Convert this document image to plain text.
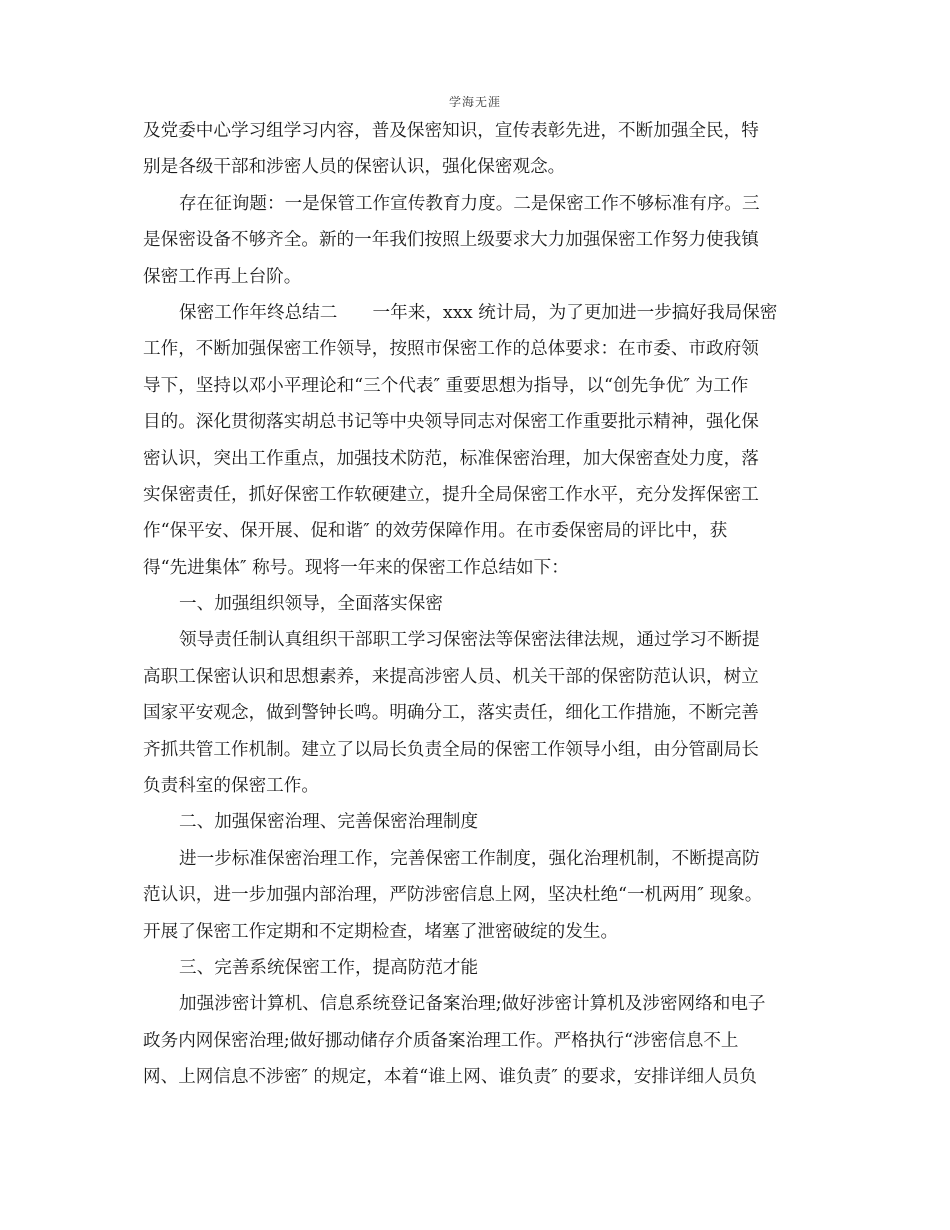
学海无涯
及党委中心学习组学习内容，普及保密知识，宣传表彰先进，不断加强全民，特
别是各级干部和涉密人员的保密认识，强化保密观念。
存在征询题：一是保管工作宣传教育力度。二是保密工作不够标准有序。三
是保密设备不够齐全。新的一年我们按照上级要求大力加强保密工作努力使我镇
保密工作再上台阶。
保密工作年终总结二　　一年来，xxx 统计局，为了更加进一步搞好我局保密
工作，不断加强保密工作领导，按照市保密工作的总体要求：在市委、市政府领
导下，坚持以邓小平理论和“三个代表″ 重要思想为指导，以“创先争优″ 为工作
目的。深化贯彻落实胡总书记等中央领导同志对保密工作重要批示精神，强化保
密认识，突出工作重点，加强技术防范，标准保密治理，加大保密查处力度，落
实保密责任，抓好保密工作软硬建立，提升全局保密工作水平，充分发挥保密工
作“保平安、保开展、促和谐″ 的效劳保障作用。在市委保密局的评比中，获
得“先进集体″ 称号。现将一年来的保密工作总结如下：
一、加强组织领导，全面落实保密
领导责任制认真组织干部职工学习保密法等保密法律法规，通过学习不断提
高职工保密认识和思想素养，来提高涉密人员、机关干部的保密防范认识，树立
国家平安观念，做到警钟长鸣。明确分工，落实责任，细化工作措施，不断完善
齐抓共管工作机制。建立了以局长负责全局的保密工作领导小组，由分管副局长
负责科室的保密工作。
二、加强保密治理、完善保密治理制度
进一步标准保密治理工作，完善保密工作制度，强化治理机制，不断提高防
范认识，进一步加强内部治理，严防涉密信息上网，坚决杜绝“一机两用″ 现象。
开展了保密工作定期和不定期检查，堵塞了泄密破绽的发生。
三、完善系统保密工作，提高防范才能
加强涉密计算机、信息系统登记备案治理;做好涉密计算机及涉密网络和电子
政务内网保密治理;做好挪动储存介质备案治理工作。严格执行“涉密信息不上
网、上网信息不涉密″ 的规定，本着“谁上网、谁负责″ 的要求，安排详细人员负
